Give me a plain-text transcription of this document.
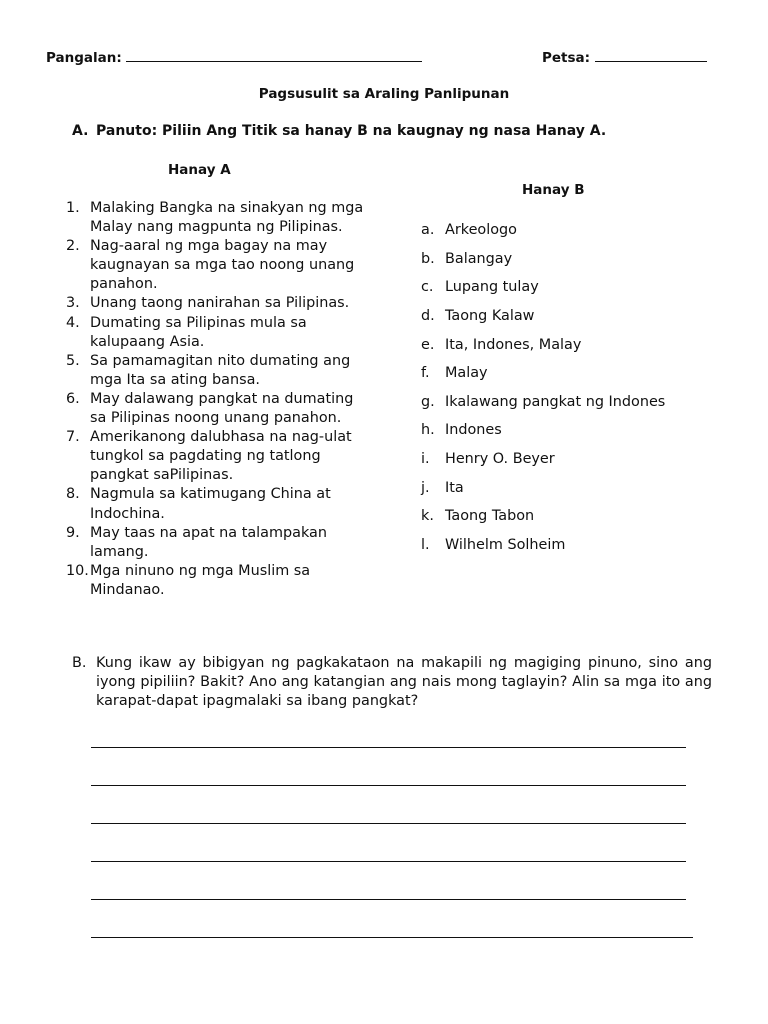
Pangalan:	Petsa:
Pagsusulit sa Araling Panlipunan
A. Panuto: Piliin Ang Titik sa hanay B na kaugnay ng nasa Hanay A.
Hanay A
Hanay B
1. Malaking Bangka na sinakyan ng mga Malay nang magpunta ng Pilipinas.
2. Nag-aaral ng mga bagay na may kaugnayan sa mga tao noong unang panahon.
3. Unang taong nanirahan sa Pilipinas.
4. Dumating sa Pilipinas mula sa kalupaang Asia.
5. Sa pamamagitan nito dumating ang mga Ita sa ating bansa.
6. May dalawang pangkat na dumating sa Pilipinas noong unang panahon.
7. Amerikanong dalubhasa na nag-ulat tungkol sa pagdating ng tatlong pangkat saPilipinas.
8. Nagmula sa katimugang China at Indochina.
9. May taas na apat na talampakan lamang.
10. Mga ninuno ng mga Muslim sa Mindanao.
a. Arkeologo
b. Balangay
c. Lupang tulay
d. Taong Kalaw
e. Ita, Indones, Malay
f.	Malay
g. Ikalawang pangkat ng Indones
h. Indones
i.	Henry O. Beyer
j.	Ita
k. Taong Tabon
l.	Wilhelm Solheim
B. Kung ikaw ay bibigyan ng pagkakataon na makapili ng magiging pinuno, sino ang iyong pipiliin? Bakit? Ano ang katangian ang nais mong taglayin? Alin sa mga ito ang karapat-dapat ipagmalaki sa ibang pangkat?
